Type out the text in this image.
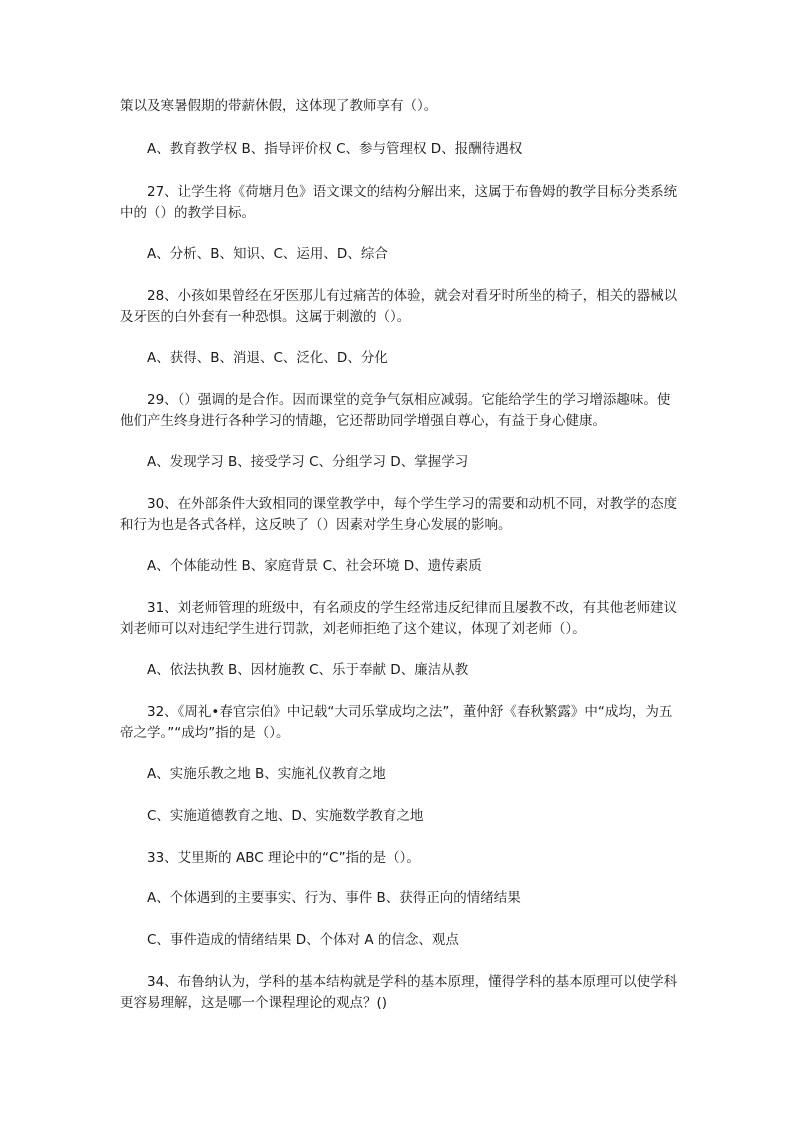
策以及寒暑假期的带薪休假，这体现了教师享有（）。

A、教育教学权 B、指导评价权 C、参与管理权 D、报酬待遇权

27、让学生将《荷塘月色》语文课文的结构分解出来，这属于布鲁姆的教学目标分类系统中的（）的教学目标。

A、分析、B、知识、C、运用、D、综合

28、小孩如果曾经在牙医那儿有过痛苦的体验，就会对看牙时所坐的椅子，相关的器械以及牙医的白外套有一种恐惧。这属于刺激的（）。

A、获得、B、消退、C、泛化、D、分化

29、（）强调的是合作。因而课堂的竞争气氛相应减弱。它能给学生的学习增添趣味。使他们产生终身进行各种学习的情趣，它还帮助同学增强自尊心，有益于身心健康。

A、发现学习 B、接受学习 C、分组学习 D、掌握学习

30、在外部条件大致相同的课堂教学中，每个学生学习的需要和动机不同，对教学的态度和行为也是各式各样，这反映了（）因素对学生身心发展的影响。

A、个体能动性 B、家庭背景 C、社会环境 D、遗传素质

31、刘老师管理的班级中，有名顽皮的学生经常违反纪律而且屡教不改，有其他老师建议刘老师可以对违纪学生进行罚款，刘老师拒绝了这个建议，体现了刘老师（）。

A、依法执教 B、因材施教 C、乐于奉献 D、廉洁从教

32、《周礼•春官宗伯》中记载“大司乐掌成均之法”，董仲舒《春秋繁露》中“成均，为五帝之学。”“成均”指的是（）。

A、实施乐教之地 B、实施礼仪教育之地

C、实施道德教育之地、D、实施数学教育之地

33、艾里斯的 ABC 理论中的“C”指的是（）。

A、个体遇到的主要事实、行为、事件 B、获得正向的情绪结果

C、事件造成的情绪结果 D、个体对 A 的信念、观点

34、布鲁纳认为，学科的基本结构就是学科的基本原理，懂得学科的基本原理可以使学科更容易理解，这是哪一个课程理论的观点？()
